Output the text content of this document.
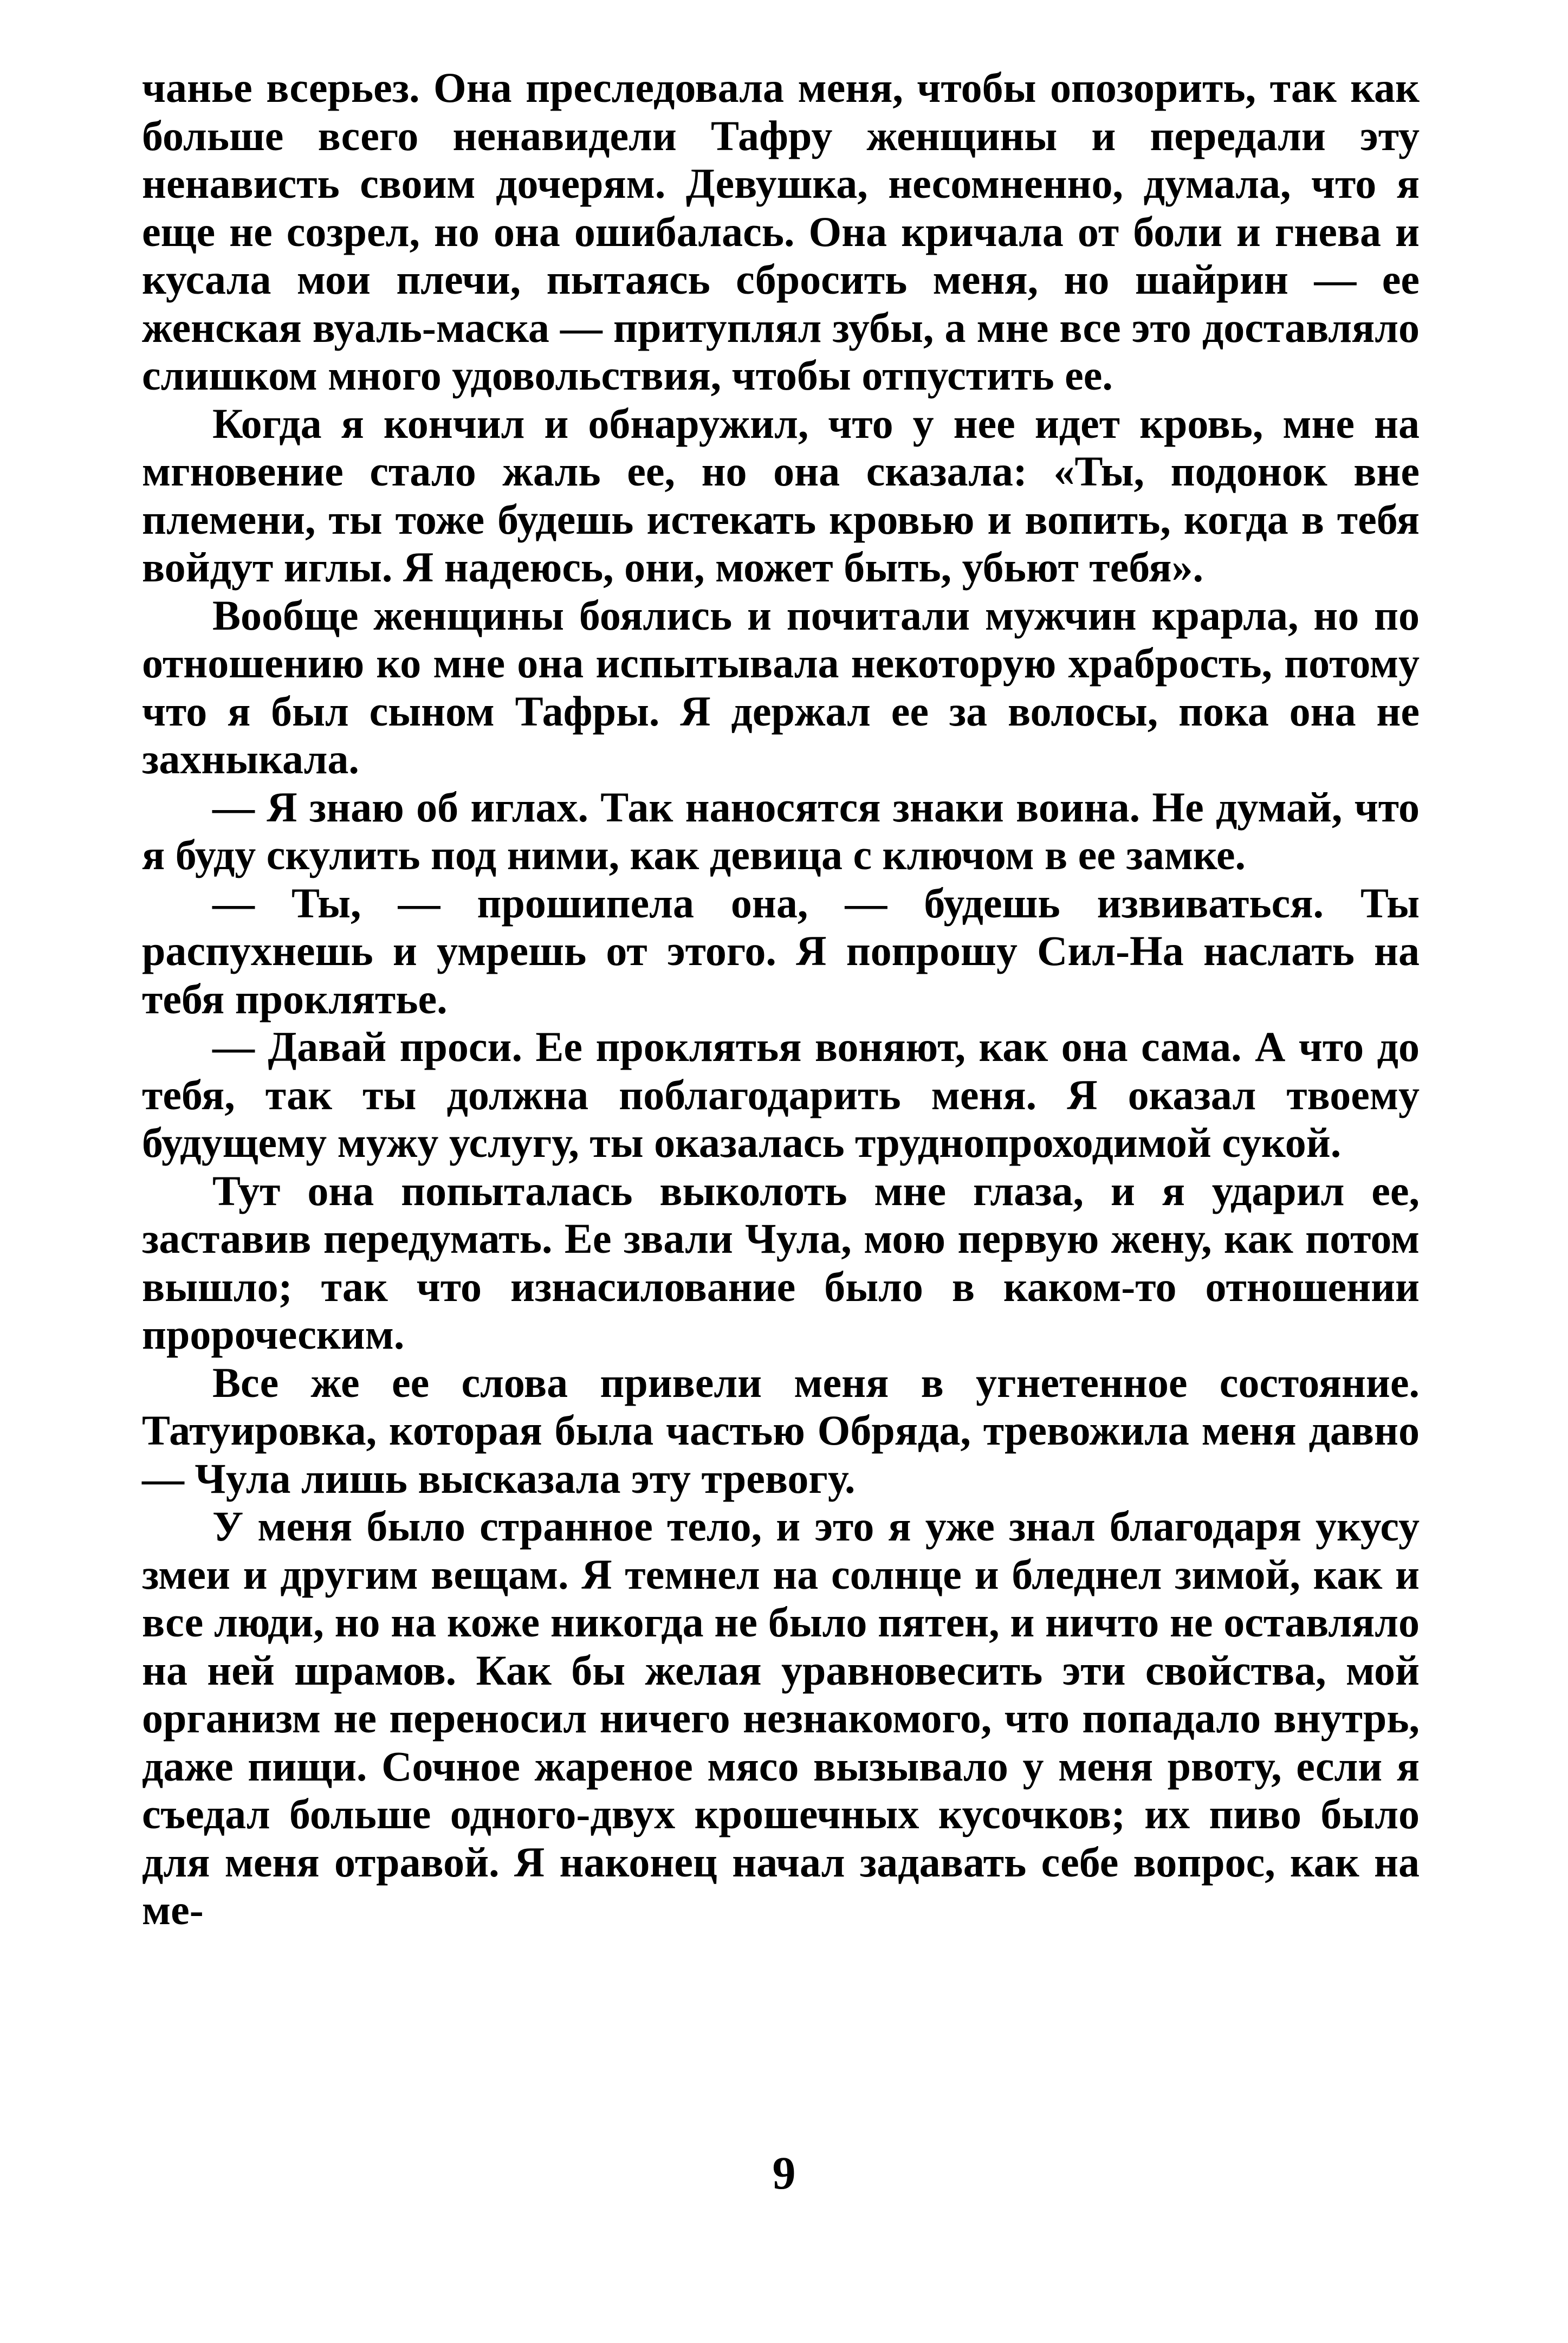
чанье всерьез. Она преследовала меня, чтобы опозорить, так как больше всего ненавидели Тафру женщины и передали эту ненависть своим дочерям. Девушка, несомненно, думала, что я еще не созрел, но она ошибалась. Она кричала от боли и гнева и кусала мои плечи, пытаясь сбросить меня, но шайрин — ее женская вуаль-маска — притуплял зубы, а мне все это доставляло слишком много удовольствия, чтобы отпустить ее.

Когда я кончил и обнаружил, что у нее идет кровь, мне на мгновение стало жаль ее, но она сказала: «Ты, подонок вне племени, ты тоже будешь истекать кровью и вопить, когда в тебя войдут иглы. Я надеюсь, они, может быть, убьют тебя».

Вообще женщины боялись и почитали мужчин крарла, но по отношению ко мне она испытывала некоторую храбрость, потому что я был сыном Тафры. Я держал ее за волосы, пока она не захныкала.

— Я знаю об иглах. Так наносятся знаки воина. Не думай, что я буду скулить под ними, как девица с ключом в ее замке.

— Ты, — прошипела она, — будешь извиваться. Ты распухнешь и умрешь от этого. Я попрошу Сил-На наслать на тебя проклятье.

— Давай проси. Ее проклятья воняют, как она сама. А что до тебя, так ты должна поблагодарить меня. Я оказал твоему будущему мужу услугу, ты оказалась труднопроходимой сукой.

Тут она попыталась выколоть мне глаза, и я ударил ее, заставив передумать. Ее звали Чула, мою первую жену, как потом вышло; так что изнасилование было в каком-то отношении пророческим.

Все же ее слова привели меня в угнетенное состояние. Татуировка, которая была частью Обряда, тревожила меня давно — Чула лишь высказала эту тревогу.

У меня было странное тело, и это я уже знал благодаря укусу змеи и другим вещам. Я темнел на солнце и бледнел зимой, как и все люди, но на коже никогда не было пятен, и ничто не оставляло на ней шрамов. Как бы желая уравновесить эти свойства, мой организм не переносил ничего незнакомого, что попадало внутрь, даже пищи. Сочное жареное мясо вызывало у меня рвоту, если я съедал больше одного-двух крошечных кусочков; их пиво было для меня отравой. Я наконец начал задавать себе вопрос, как на ме-

9
